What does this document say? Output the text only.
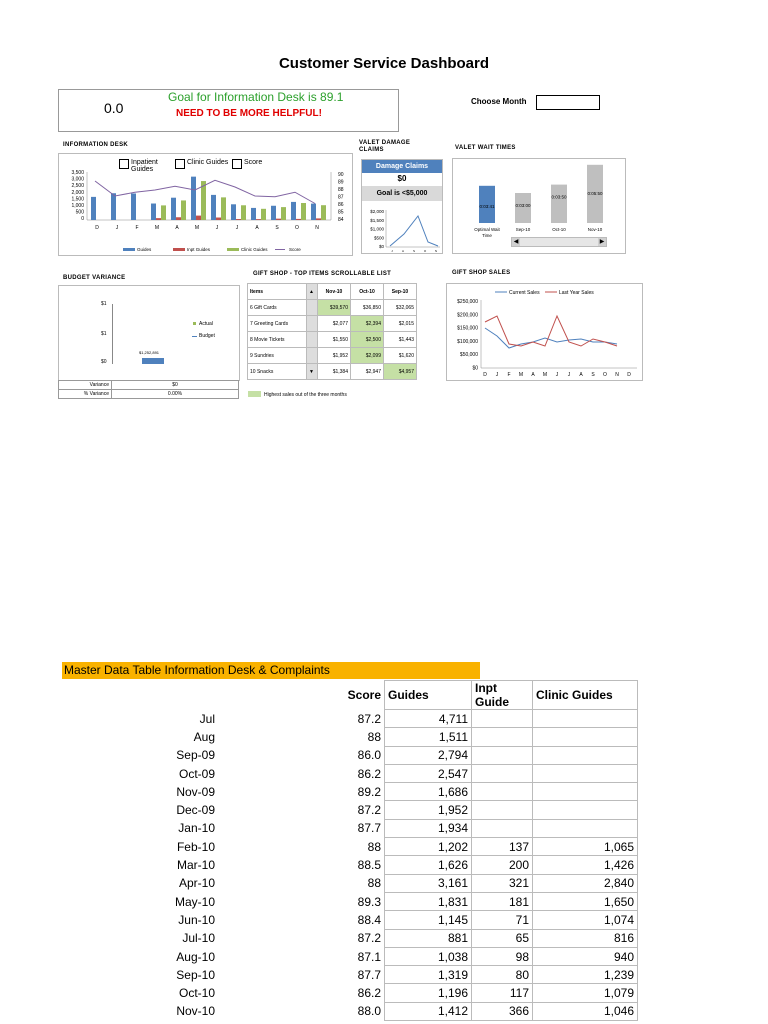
Customer Service Dashboard
0.0
Goal for Information Desk is 89.1
NEED TO BE MORE HELPFUL!
Choose Month
INFORMATION DESK
Inpatient Guides
Clinic Guides Score
3,500
3,000
2,500
2,000
1,500
1,000
500
0
90
89
88
87
86
85
84
D	J	F	M	A	M	J	J	A	S	O	N
Guides	Inpt Guides	Clinic Guides	Score
VALET DAMAGE CLAIMS
Damage Claims
$0
Goal is <$5,000
$2,000
$1,500
$1,000
$500
$0
J	A	S	O	N
VALET WAIT TIMES
0:03:41
Optimal Wait
Time
0:03:00
Sep-10
0:03:50
Oct-10
0:05:50
Nov-10
◀	▶
BUDGET VARIANCE
$1
$1
$0
$1,252,891
Actual
Budget
Variance	$0
% Variance	0.00%
GIFT SHOP - TOP ITEMS SCROLLABLE LIST
Items	▲	Nov-10	Oct-10	Sep-10
6 Gift Cards		$39,570	$36,850	$32,065
7 Greeting Cards		$2,077	$2,394	$2,015
8 Movie Tickets		$1,550	$2,500	$1,443
9 Sundries		$1,952	$2,099	$1,620
10 Snacks	▼	$1,384	$2,947	$4,957
Highest sales out of the three months
GIFT SHOP SALES
Current Sales	Last Year Sales
$250,000
$200,000
$150,000
$100,000
$50,000
$0
D J F M A M J J A S O N D
Master Data Table Information Desk & Complaints
	Score	Guides	Inpt Guide	Clinic Guides
Jul	87.2	4,711		
Aug	88	1,511		
Sep-09	86.0	2,794		
Oct-09	86.2	2,547		
Nov-09	89.2	1,686		
Dec-09	87.2	1,952		
Jan-10	87.7	1,934		
Feb-10	88	1,202	137	1,065
Mar-10	88.5	1,626	200	1,426
Apr-10	88	3,161	321	2,840
May-10	89.3	1,831	181	1,650
Jun-10	88.4	1,145	71	1,074
Jul-10	87.2	881	65	816
Aug-10	87.1	1,038	98	940
Sep-10	87.7	1,319	80	1,239
Oct-10	86.2	1,196	117	1,079
Nov-10	88.0	1,412	366	1,046
